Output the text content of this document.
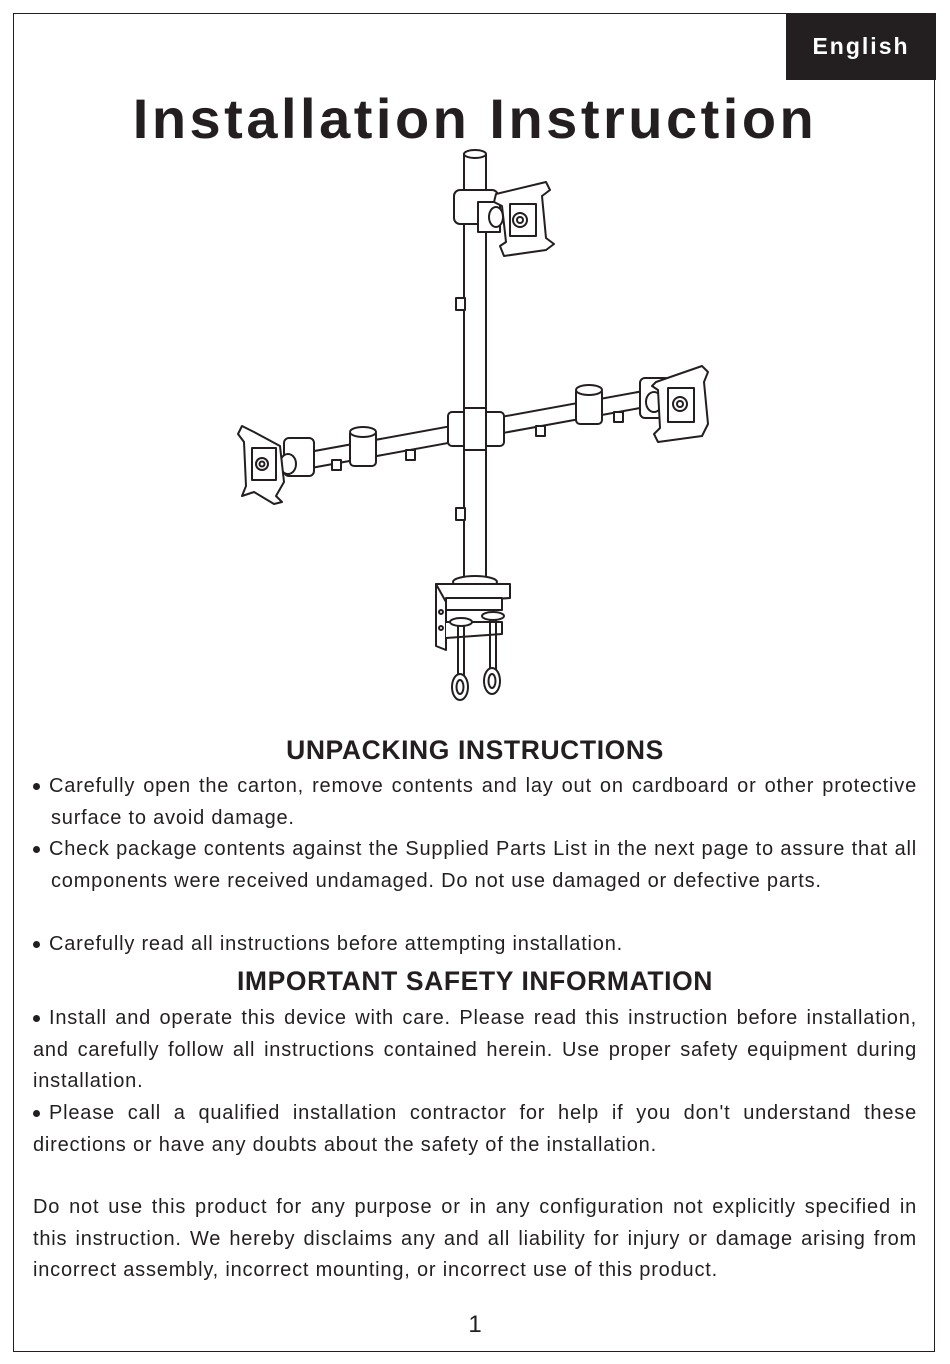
English
Installation Instruction
UNPACKING INSTRUCTIONS

Carefully open the carton, remove contents and lay out on cardboard or other protective surface to avoid damage.

Check package contents against the Supplied Parts List in the next page to assure that all components were received undamaged. Do not use damaged or defective parts.

Carefully read all instructions before attempting installation.

IMPORTANT SAFETY INFORMATION

Install and operate this device with care. Please read this instruction before installation, and carefully follow all instructions contained herein. Use proper safety equipment during installation.

Please call a qualified installation contractor for help if you don't understand these directions or have any doubts about the safety of the installation.

Do not use this product for any purpose or in any configuration not explicitly specified in this instruction. We hereby disclaims any and all liability for injury or damage arising from incorrect assembly, incorrect mounting, or incorrect use of this product.

1
